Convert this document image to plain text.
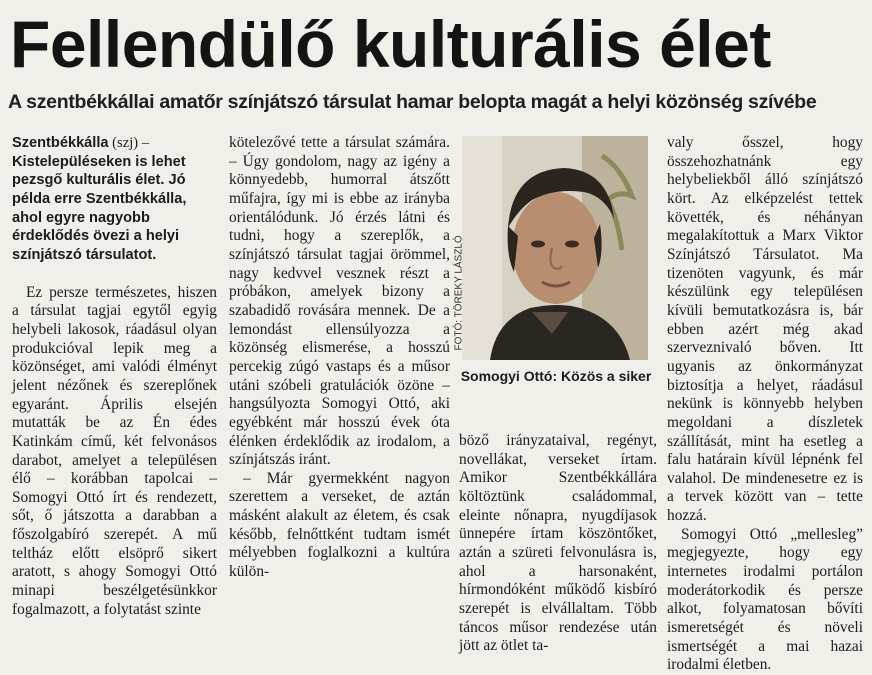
Fellendülő kulturális élet
A szentbékkállai amatőr színjátszó társulat hamar belopta magát a helyi közönség szívébe
Szentbékkálla (szj) – Kistelepüléseken is lehet pezsgő kulturális élet. Jó példa erre Szentbékkálla, ahol egyre nagyobb érdeklődés övezi a helyi színjátszó társulatot.

Ez persze természetes, hiszen a társulat tagjai egytől egyig helybeli lakosok, ráadásul olyan produkcióval lepik meg a közönséget, ami valódi élményt jelent nézőnek és szereplőnek egyaránt. Április elsején mutatták be az Én édes Katinkám című, két felvonásos darabot, amelyet a településen élő – korábban tapolcai – Somogyi Ottó írt és rendezett, sőt, ő játszotta a darabban a főszolgabíró szerepét. A mű teltház előtt elsöprő sikert aratott, s ahogy Somogyi Ottó minapi beszélgetésünkkor fogalmazott, a folytatást szinte

kötelezővé tette a társulat számára. – Úgy gondolom, nagy az igény a könnyedebb, humorral átszőtt műfajra, így mi is ebbe az irányba orientálódunk. Jó érzés látni és tudni, hogy a szereplők, a színjátszó társulat tagjai örömmel, nagy kedvvel vesznek részt a próbákon, amelyek bizony a szabadidő rovására mennek. De a lemondást ellensúlyozza a közönség elismerése, a hosszú percekig zúgó vastaps és a műsor utáni szóbeli gratulációk özöne – hangsúlyozta Somogyi Ottó, aki egyébként már hosszú évek óta élénken érdeklődik az irodalom, a színjátszás iránt.

– Már gyermekként nagyon szerettem a verseket, de aztán másként alakult az életem, és csak később, felnőttként tudtam ismét mélyebben foglalkozni a kultúra külön-

FOTÓ: TÖREKY LÁSZLÓ
Somogyi Ottó: Közös a siker

böző irányzataival, regényt, novellákat, verseket írtam. Amikor Szentbékkállára költöztünk családommal, eleinte nőnapra, nyugdíjasok ünnepére írtam köszöntőket, aztán a szüreti felvonulásra is, ahol a harsonaként, hírmondóként működő kisbíró szerepét is elvállaltam. Több táncos műsor rendezése után jött az ötlet ta-

valy ősszel, hogy összehozhatnánk egy helybeliekből álló színjátszó kört. Az elképzelést tettek követték, és néhányan megalakítottuk a Marx Viktor Színjátszó Társulatot. Ma tizenöten vagyunk, és már készülünk egy településen kívüli bemutatkozásra is, bár ebben azért még akad szerveznivaló bőven. Itt ugyanis az önkormányzat biztosítja a helyet, ráadásul nekünk is könnyebb helyben megoldani a díszletek szállítását, mint ha esetleg a falu határain kívül lépnénk fel valahol. De mindenesetre ez is a tervek között van – tette hozzá.

Somogyi Ottó „mellesleg” megjegyezte, hogy egy internetes irodalmi portálon moderátorkodik és persze alkot, folyamatosan bővíti ismeretségét és növeli ismertségét a mai hazai irodalmi életben.
